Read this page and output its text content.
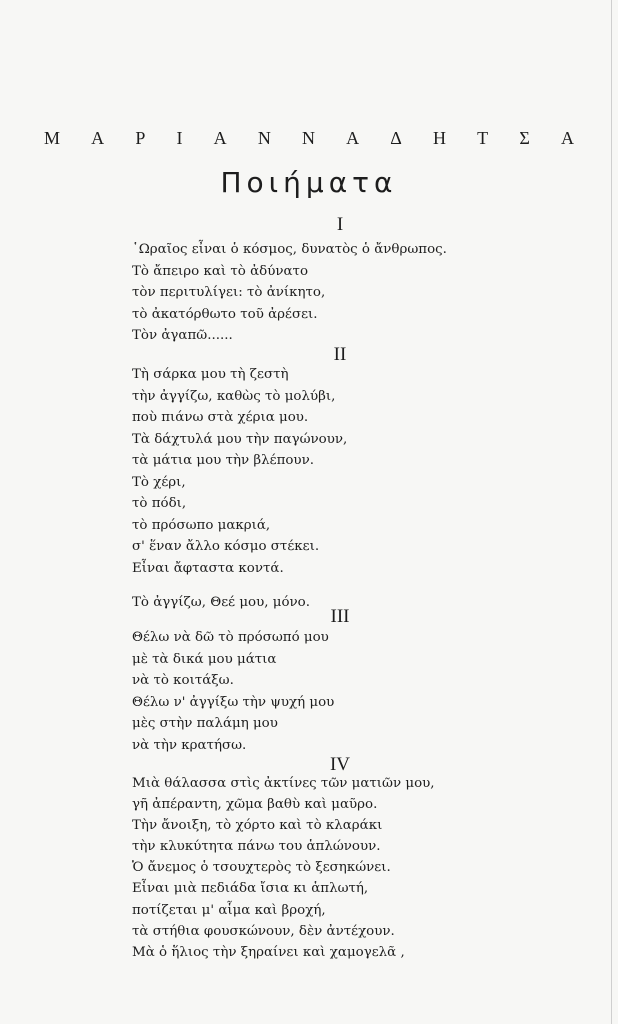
Μ Α Ρ Ι Α Ν Ν Α Δ Η Τ Σ Α
Ποιήματα
I
῾Ωραῖος εἶναι ὁ κόσμος, δυνατὸς ὁ ἄνθρωπος.
Τὸ ἄπειρο καὶ τὸ ἀδύνατο
τὸν περιτυλίγει: τὸ ἀνίκητο,
τὸ ἀκατόρθωτο τοῦ ἀρέσει.
Τὸν ἀγαπῶ......
II
Τὴ σάρκα μου τὴ ζεστὴ
τὴν ἀγγίζω, καθὼς τὸ μολύβι,
ποὺ πιάνω στὰ χέρια μου.
Τὰ δάχτυλά μου τὴν παγώνουν,
τὰ μάτια μου τὴν βλέπουν.
Τὸ χέρι,
τὸ πόδι,
τὸ πρόσωπο μακριά,
σ' ἕναν ἄλλο κόσμο στέκει.
Εἶναι ἄφταστα κοντά.
Τὸ ἀγγίζω, Θεέ μου, μόνο.
III
Θέλω νὰ δῶ τὸ πρόσωπό μου
μὲ τὰ δικά μου μάτια
νὰ τὸ κοιτάξω.
Θέλω ν' ἀγγίξω τὴν ψυχή μου
μὲς στὴν παλάμη μου
νὰ τὴν κρατήσω.
IV
Μιὰ θάλασσα στὶς ἀκτίνες τῶν ματιῶν μου,
γῆ ἀπέραντη, χῶμα βαθὺ καὶ μαῦρο.
Τὴν ἄνοιξη, τὸ χόρτο καὶ τὸ κλαράκι
τὴν κλυκύτητα πάνω του ἁπλώνουν.
Ὁ ἄνεμος ὁ τσουχτερὸς τὸ ξεσηκώνει.
Εἶναι μιὰ πεδιάδα ἴσια κι ἁπλωτή,
ποτίζεται μ' αἷμα καὶ βροχή,
τὰ στήθια φουσκώνουν, δὲν ἀντέχουν.
Μὰ ὁ ἥλιος τὴν ξηραίνει καὶ χαμογελᾶ ,
